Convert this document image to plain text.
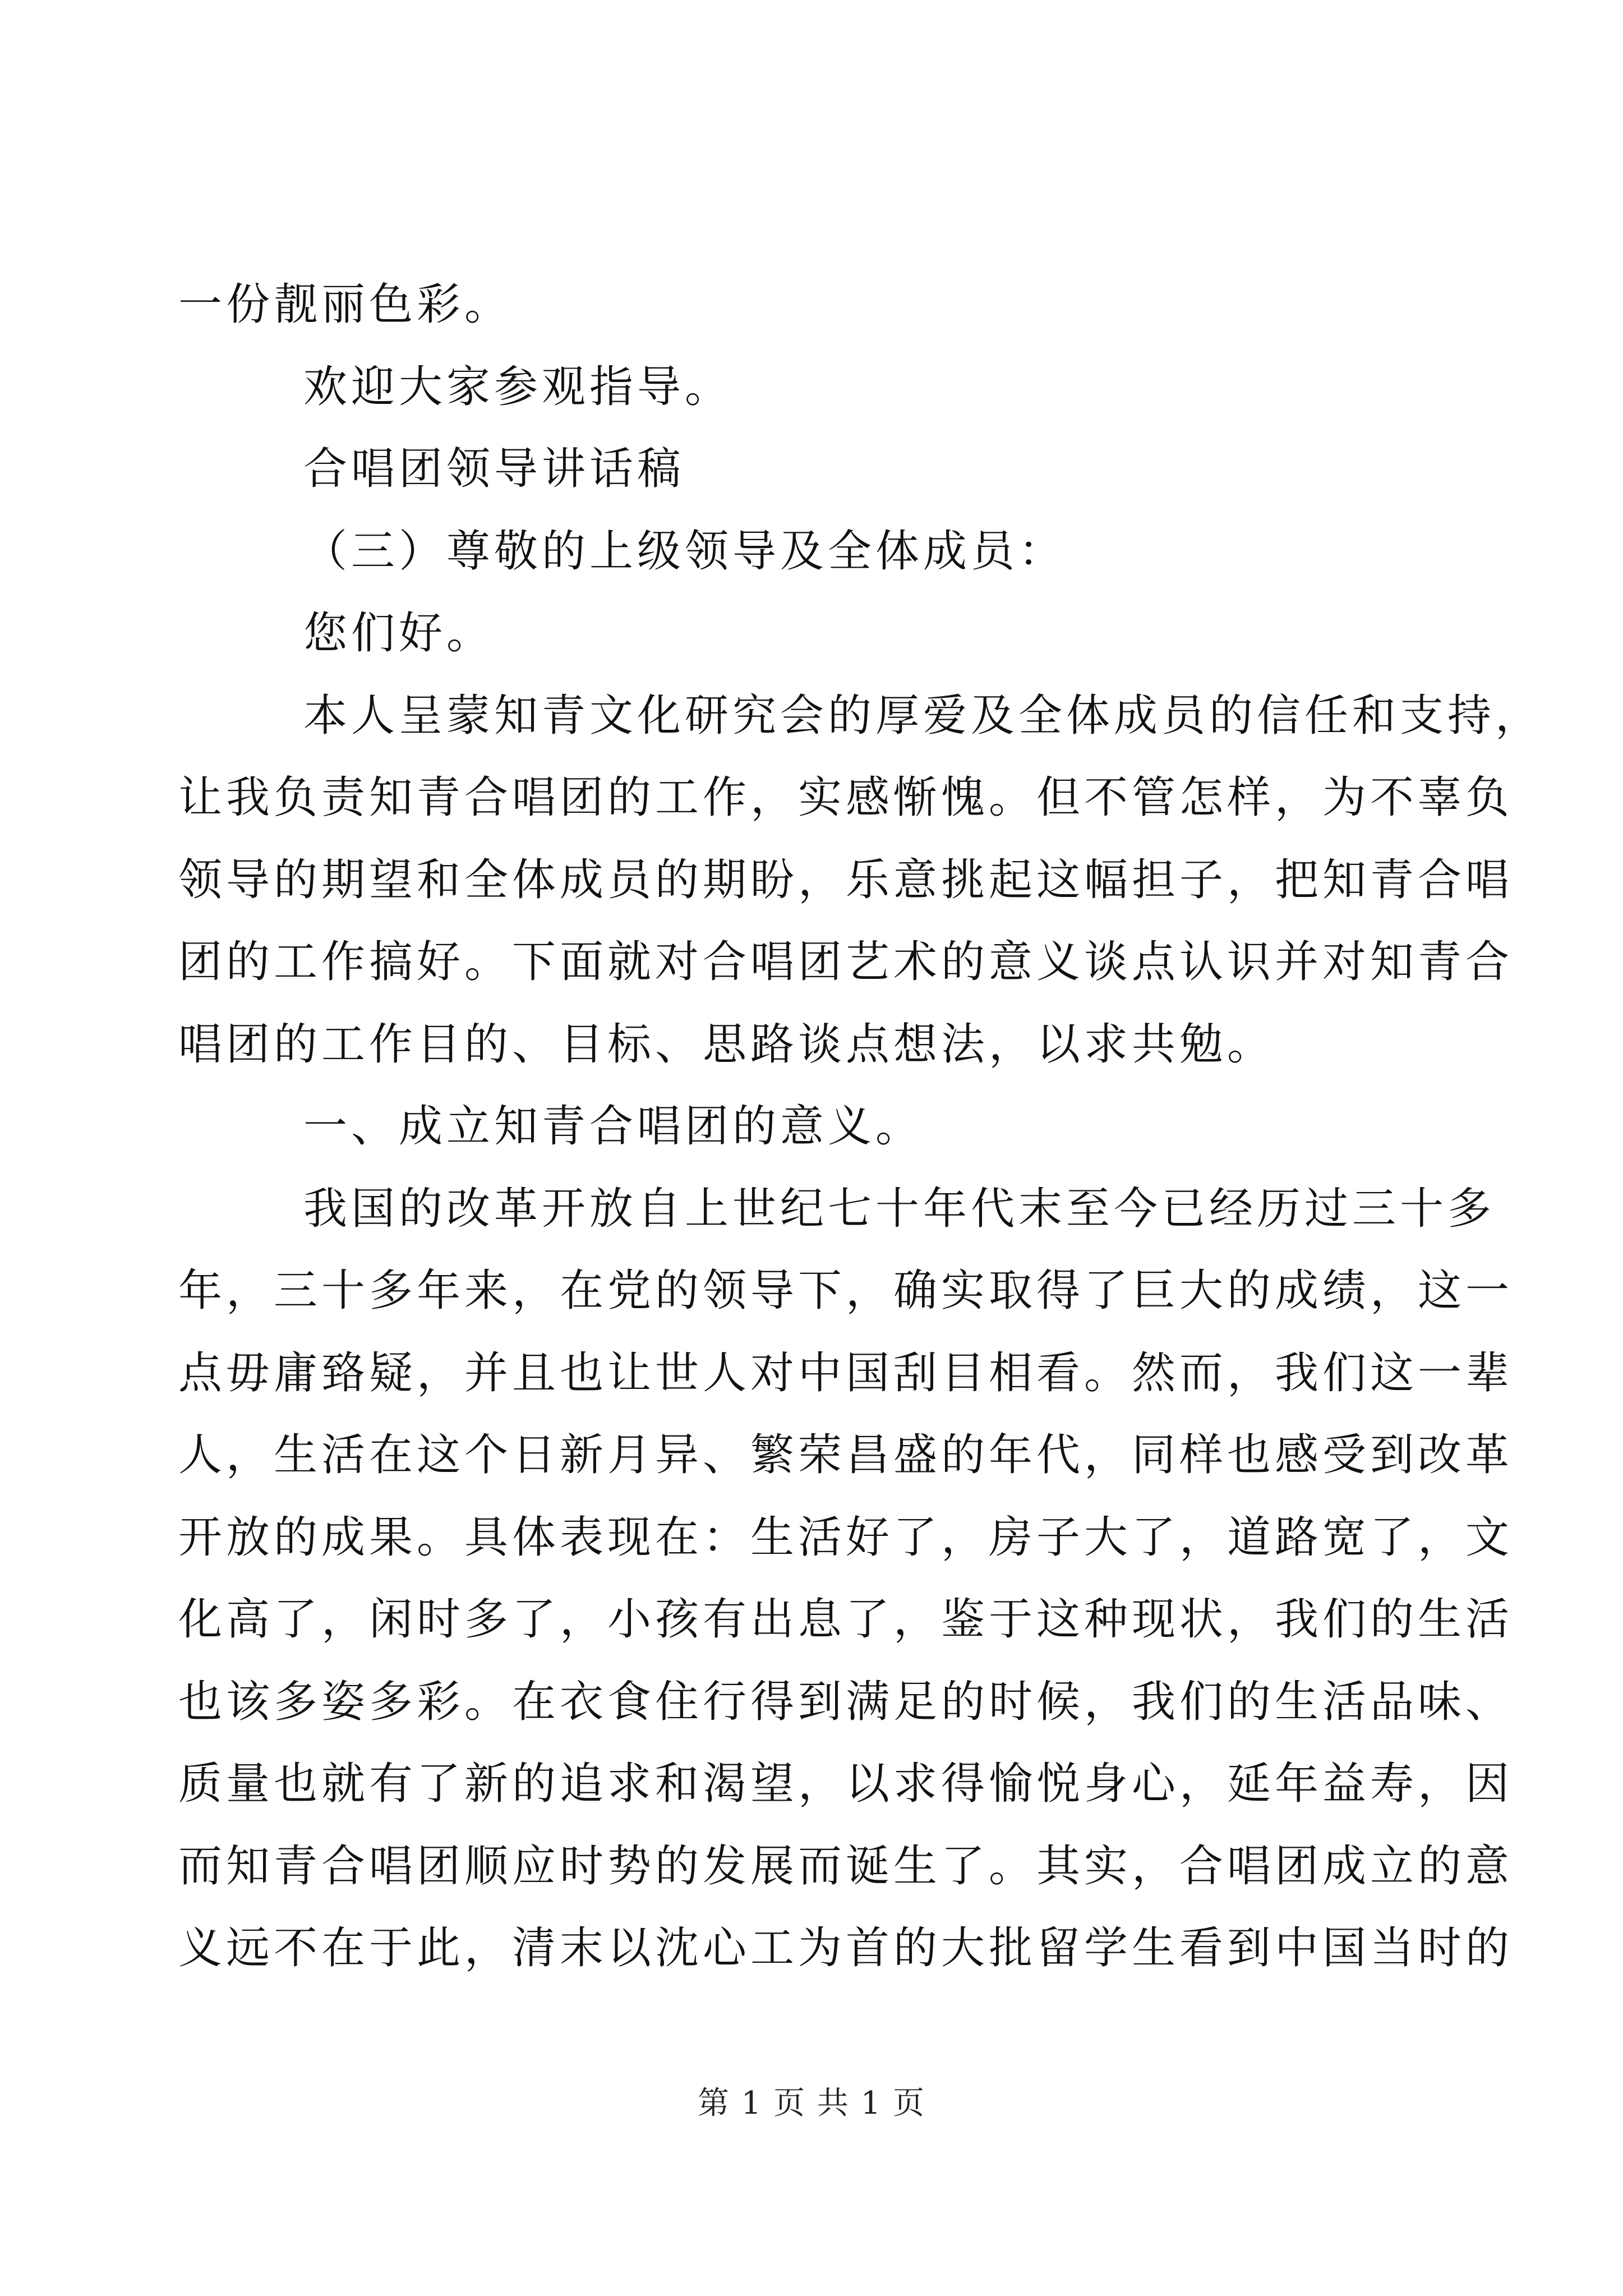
一份靓丽色彩。
欢迎大家参观指导。
合唱团领导讲话稿
（三）尊敬的上级领导及全体成员：
您们好。
本人呈蒙知青文化研究会的厚爱及全体成员的信任和支持，
让我负责知青合唱团的工作，实感惭愧。但不管怎样，为不辜负
领导的期望和全体成员的期盼，乐意挑起这幅担子，把知青合唱
团的工作搞好。下面就对合唱团艺术的意义谈点认识并对知青合
唱团的工作目的、目标、思路谈点想法，以求共勉。
一、成立知青合唱团的意义。
我国的改革开放自上世纪七十年代末至今已经历过三十多
年，三十多年来，在党的领导下，确实取得了巨大的成绩，这一
点毋庸臵疑，并且也让世人对中国刮目相看。然而，我们这一辈
人，生活在这个日新月异、繁荣昌盛的年代，同样也感受到改革
开放的成果。具体表现在：生活好了，房子大了，道路宽了，文
化高了，闲时多了，小孩有出息了，鉴于这种现状，我们的生活
也该多姿多彩。在衣食住行得到满足的时候，我们的生活品味、
质量也就有了新的追求和渴望，以求得愉悦身心，延年益寿，因
而知青合唱团顺应时势的发展而诞生了。其实，合唱团成立的意
义远不在于此，清末以沈心工为首的大批留学生看到中国当时的
第 1 页 共 1 页
